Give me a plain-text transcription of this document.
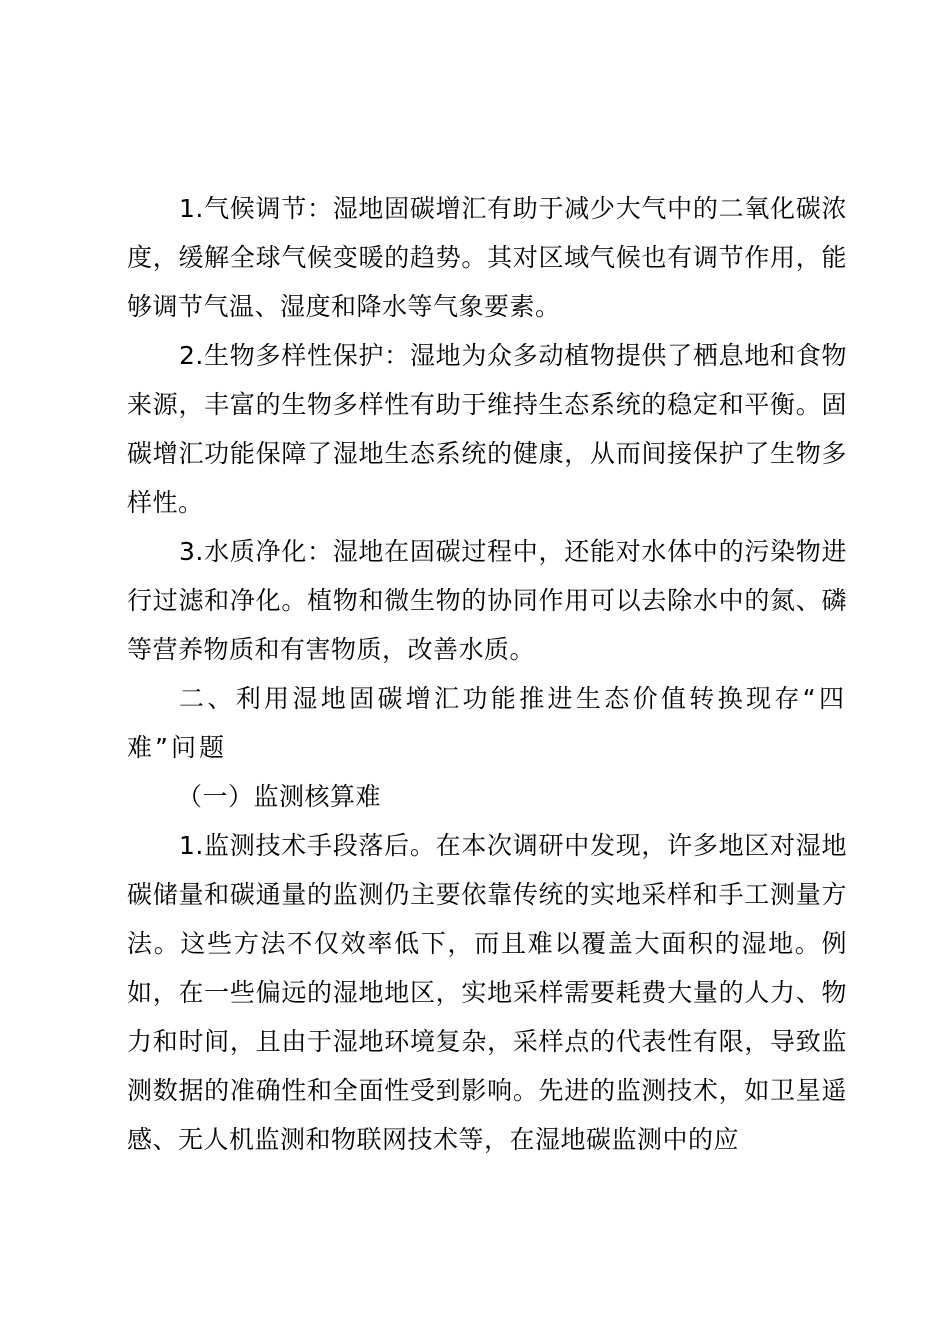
1.气候调节：湿地固碳增汇有助于减少大气中的二氧化碳浓度，缓解全球气候变暖的趋势。其对区域气候也有调节作用，能够调节气温、湿度和降水等气象要素。

2.生物多样性保护：湿地为众多动植物提供了栖息地和食物来源，丰富的生物多样性有助于维持生态系统的稳定和平衡。固碳增汇功能保障了湿地生态系统的健康，从而间接保护了生物多样性。

3.水质净化：湿地在固碳过程中，还能对水体中的污染物进行过滤和净化。植物和微生物的协同作用可以去除水中的氮、磷等营养物质和有害物质，改善水质。

二、利用湿地固碳增汇功能推进生态价值转换现存“四难”问题

（一）监测核算难

1.监测技术手段落后。在本次调研中发现，许多地区对湿地碳储量和碳通量的监测仍主要依靠传统的实地采样和手工测量方法。这些方法不仅效率低下，而且难以覆盖大面积的湿地。例如，在一些偏远的湿地地区，实地采样需要耗费大量的人力、物力和时间，且由于湿地环境复杂，采样点的代表性有限，导致监测数据的准确性和全面性受到影响。先进的监测技术，如卫星遥感、无人机监测和物联网技术等，在湿地碳监测中的应
